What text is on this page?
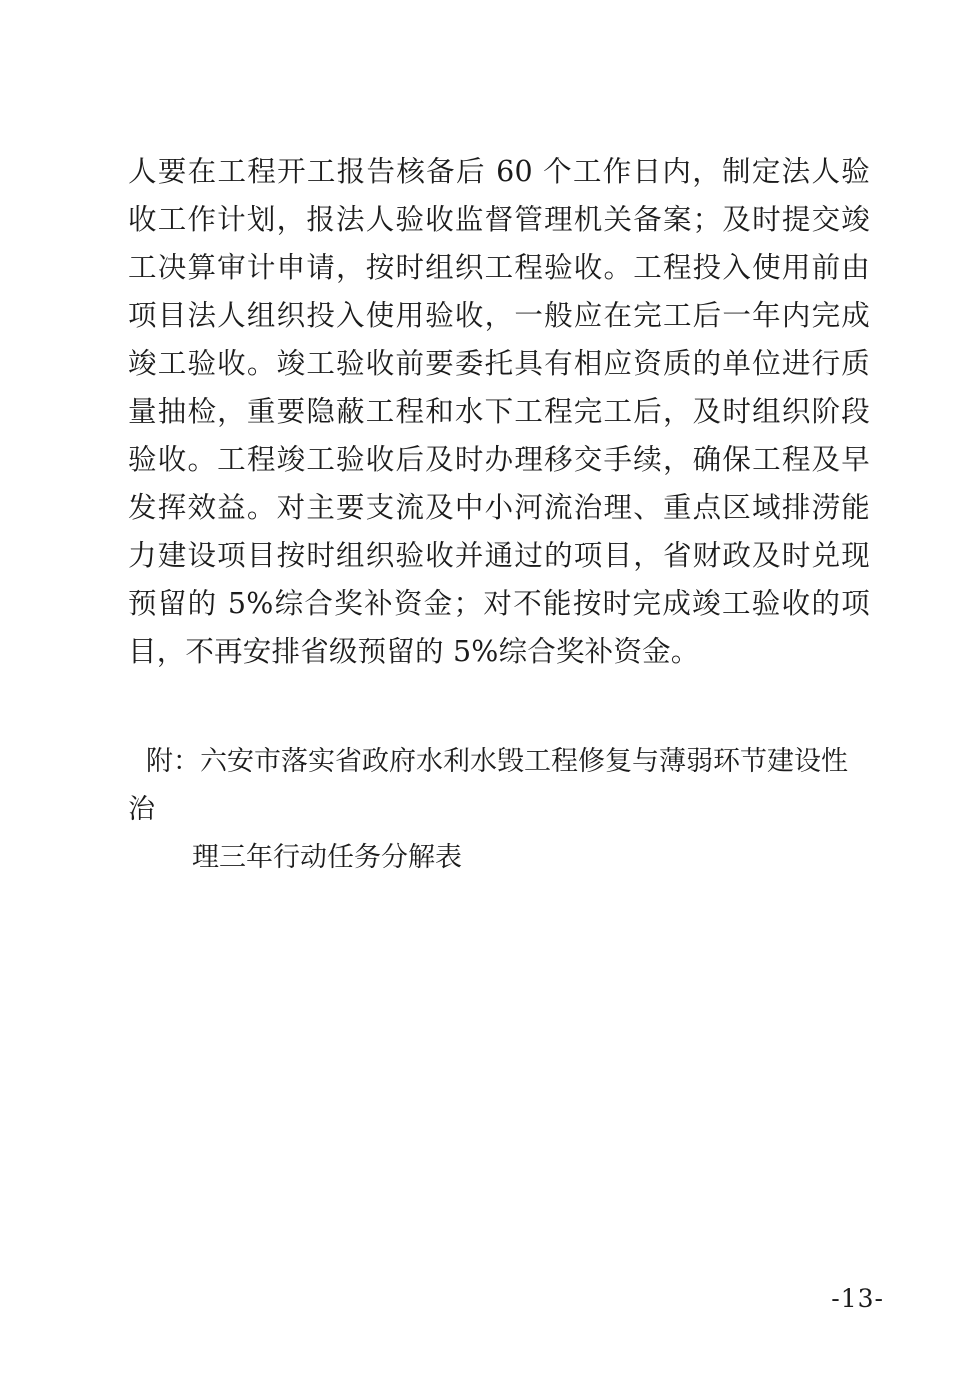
人要在工程开工报告核备后 60 个工作日内，制定法人验收工作计划，报法人验收监督管理机关备案；及时提交竣工决算审计申请，按时组织工程验收。工程投入使用前由项目法人组织投入使用验收，一般应在完工后一年内完成竣工验收。竣工验收前要委托具有相应资质的单位进行质量抽检，重要隐蔽工程和水下工程完工后，及时组织阶段验收。工程竣工验收后及时办理移交手续，确保工程及早发挥效益。对主要支流及中小河流治理、重点区域排涝能力建设项目按时组织验收并通过的项目，省财政及时兑现预留的 5%综合奖补资金；对不能按时完成竣工验收的项目，不再安排省级预留的 5%综合奖补资金。

附：六安市落实省政府水利水毁工程修复与薄弱环节建设性治
理三年行动任务分解表
-13-
